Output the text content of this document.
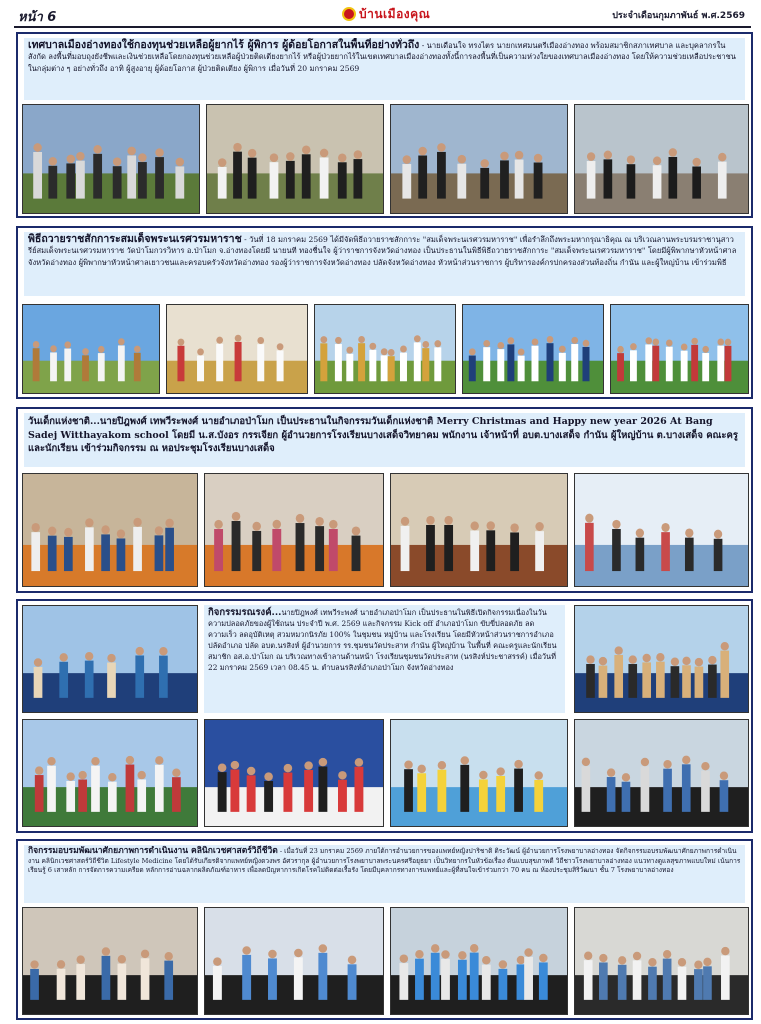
หน้า 6	บ้านเมืองคุณ	ประจำเดือนกุมภาพันธ์ พ.ศ.2569
เทศบาลเมืองอ่างทองใช้กองทุนช่วยเหลือผู้ยากไร้ ผู้พิการ ผู้ด้อยโอกาสในพื้นที่อย่างทั่วถึง - นายเดือนใจ ทรงไตร นายกเทศมนตรีเมืองอ่างทอง พร้อมสมาชิกสภาเทศบาล และบุคลากรในสังกัด ลงพื้นที่มอบถุงยังชีพและเงินช่วยเหลือโดยกองทุนช่วยเหลือผู้ป่วยติดเตียงยากไร้ หรือผู้ป่วยยากไร้ในเขตเทศบาลเมืองอ่างทองทั้งนี้การลงพื้นที่เป็นความห่วงใยของเทศบาลเมืองอ่างทอง โดยให้ความช่วยเหลือประชาชนในกลุ่มต่าง ๆ อย่างทั่วถึง อาทิ ผู้สูงอายุ ผู้ด้อยโอกาส ผู้ป่วยติดเตียง ผู้พิการ เมื่อวันที่ 20 มกราคม 2569
พิธีถวายราชสักการะสมเด็จพระนเรศวรมหาราช - วันที่ 18 มกราคม 2569 ได้มีจัดพิธีถวายราชสักการะ "สมเด็จพระนเรศวรมหาราช" เพื่อรำลึกถึงพระมหากรุณาธิคุณ ณ บริเวณลานพระบรมราชานุสาวรีย์สมเด็จพระนเรศวรมหาราช วัดป่าโมกวรวิหาร อ.ป่าโมก จ.อ่างทองโดยมี นายนที ทองชื่นใจ ผู้ว่าราชการจังหวัดอ่างทอง เป็นประธานในพิธีพิธีถวายราชสักการะ "สมเด็จพระนเรศวรมหาราช" โดยมีผู้พิพากษาหัวหน้าศาลจังหวัดอ่างทอง ผู้พิพากษาหัวหน้าศาลเยาวชนและครอบครัวจังหวัดอ่างทอง รองผู้ว่าราชการจังหวัดอ่างทอง ปลัดจังหวัดอ่างทอง หัวหน้าส่วนราชการ ผู้บริหารองค์กรปกครองส่วนท้องถิ่น กำนัน และผู้ใหญ่บ้าน เข้าร่วมพิธี
วันเด็กแห่งชาติ...นายปิฎพงศ์ เทพวีระพงศ์ นายอำเภอป่าโมก เป็นประธานในกิจกรรมวันเด็กแห่งชาติ Merry Christmas and Happy new year 2026 At Bang Sadej Witthayakom school โดยมี น.ส.บังอร กรรเจียก ผู้อำนวยการโรงเรียนบางเสด็จวิทยาคม พนักงาน เจ้าหน้าที่ อบต.บางเสด็จ กำนัน ผู้ใหญ่บ้าน ต.บางเสด็จ คณะครูและนักเรียน เข้าร่วมกิจกรรม ณ หอประชุมโรงเรียนบางเสด็จ
กิจกรรมรณรงค์...นายปิฎพงศ์ เทพวีระพงศ์ นายอำเภอป่าโมก เป็นประธานในพิธีเปิดกิจกรรมเนื่องในวันความปลอดภัยของผู้ใช้ถนน ประจำปี พ.ศ. 2569 และกิจกรรม Kick off อำเภอป่าโมก ขับขี่ปลอดภัย ลดความเร็ว ลดอุบัติเหตุ สวมหมวกนิรภัย 100% ในชุมชน หมู่บ้าน และโรงเรียน โดยมีหัวหน้าส่วนราชการอำเภอ ปลัดอำเภอ ปลัด อบต.นรสิงห์ ผู้อำนวยการ รร.ชุมชนวัดประสาท กำนัน ผู้ใหญ่บ้าน ในพื้นที่ คณะครูและนักเรียน สมาชิก อส.อ.ป่าโมก ณ บริเวณทางเข้าลานด้านหน้า โรงเรียนชุมชนวัดประสาท (นรสิงห์ประชาสรรค์) เมื่อวันที่ 22 มกราคม 2569 เวลา 08.45 น. ตำบลนรสิงห์อำเภอป่าโมก จังหวัดอ่างทอง
กิจกรรมอบรมพัฒนาศักยภาพการดำเนินงาน คลินิกเวชศาสตร์วิถีชีวิต - เมื่อวันที่ 23 มกราคม 2569 ภายใต้การอำนวยการของแพทย์หญิงปาริชาติ ดิระวัฒน์ ผู้อำนวยการโรงพยาบาลอ่างทอง จัดกิจกรรมอบรมพัฒนาศักยภาพการดำเนินงาน คลินิกเวชศาสตร์วิถีชีวิต Lifestyle Medicine โดยได้รับเกียรติจากแพทย์หญิงดวงพร อัศวรากุล ผู้อำนวยการโรงพยาบาลพระนครศรีอยุธยา เป็นวิทยากรในหัวข้อเรื่อง ต้นแบบสุขภาพดี วิถีชาวโรงพยาบาลอ่างทอง แนวทางดูแลสุขภาพแบบใหม่ เน้นการเรียนรู้ 6 เสาหลัก การจัดการความเครียด หลักการอ่านฉลากผลิตภัณฑ์อาหาร เพื่อลดปัญหาการเกิดโรคไม่ติดต่อเรื้อรัง โดยมีบุคลากรทางการแพทย์และผู้ที่สนใจเข้าร่วมกว่า 70 คน ณ ห้องประชุมสิริวัฒนา ชั้น 7 โรงพยาบาลอ่างทอง
